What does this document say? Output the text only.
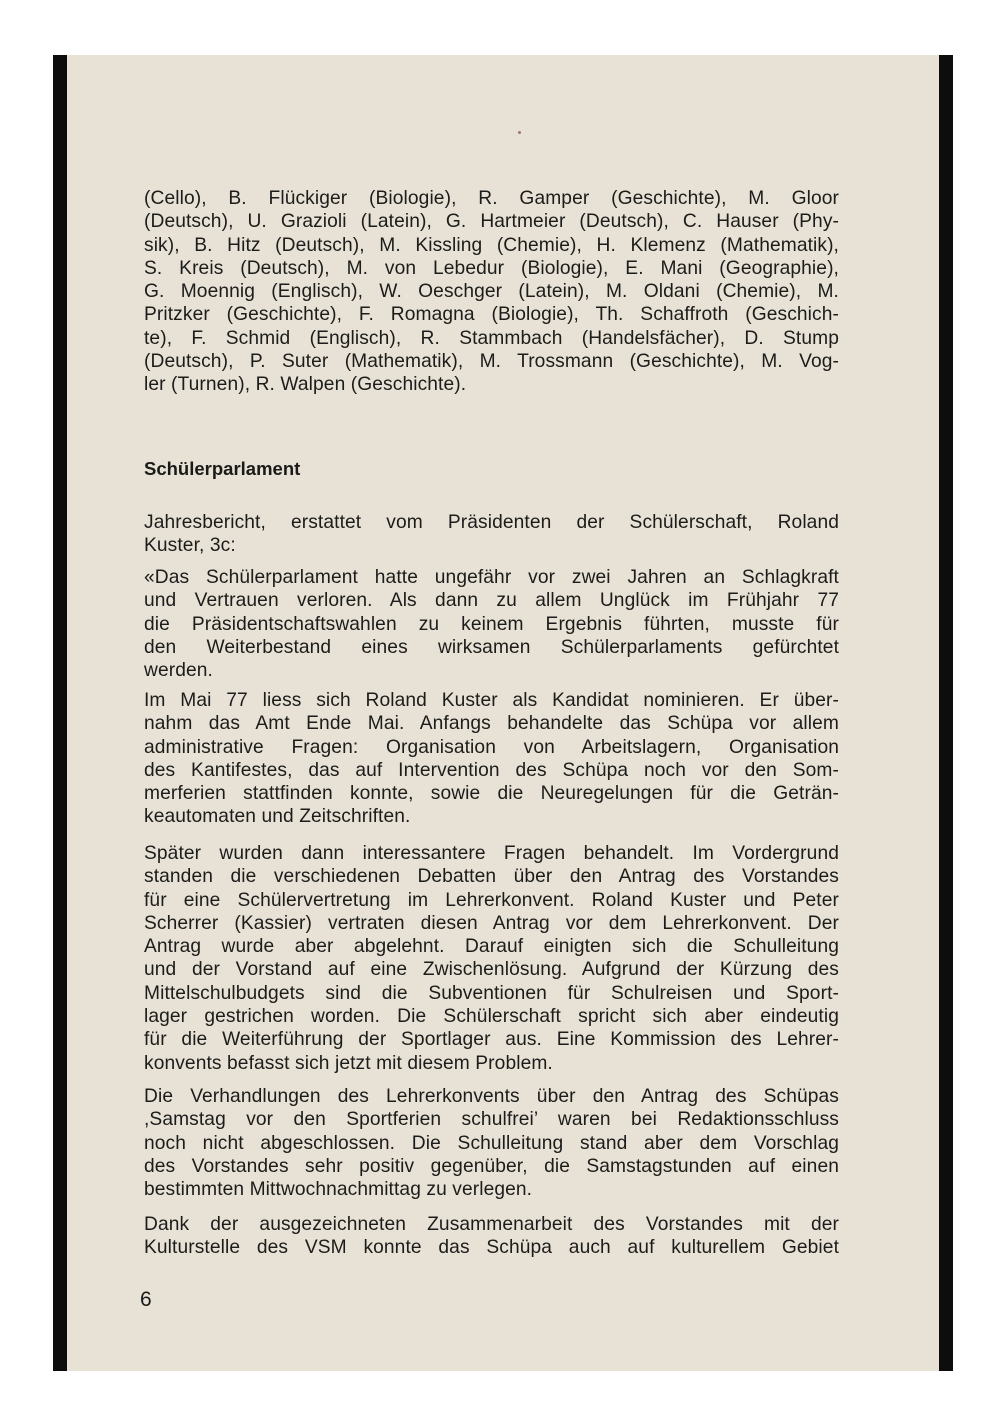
(Cello), B. Flückiger (Biologie), R. Gamper (Geschichte), M. Gloor
(Deutsch), U. Grazioli (Latein), G. Hartmeier (Deutsch), C. Hauser (Phy-
sik), B. Hitz (Deutsch), M. Kissling (Chemie), H. Klemenz (Mathematik),
S. Kreis (Deutsch), M. von Lebedur (Biologie), E. Mani (Geographie),
G. Moennig (Englisch), W. Oeschger (Latein), M. Oldani (Chemie), M.
Pritzker (Geschichte), F. Romagna (Biologie), Th. Schaffroth (Geschich-
te), F. Schmid (Englisch), R. Stammbach (Handelsfächer), D. Stump
(Deutsch), P. Suter (Mathematik), M. Trossmann (Geschichte), M. Vog-
ler (Turnen), R. Walpen (Geschichte).
Schülerparlament
Jahresbericht, erstattet vom Präsidenten der Schülerschaft, Roland
Kuster, 3c:
«Das Schülerparlament hatte ungefähr vor zwei Jahren an Schlagkraft
und Vertrauen verloren. Als dann zu allem Unglück im Frühjahr 77
die Präsidentschaftswahlen zu keinem Ergebnis führten, musste für
den Weiterbestand eines wirksamen Schülerparlaments gefürchtet
werden.
Im Mai 77 liess sich Roland Kuster als Kandidat nominieren. Er über-
nahm das Amt Ende Mai. Anfangs behandelte das Schüpa vor allem
administrative Fragen: Organisation von Arbeitslagern, Organisation
des Kantifestes, das auf Intervention des Schüpa noch vor den Som-
merferien stattfinden konnte, sowie die Neuregelungen für die Geträn-
keautomaten und Zeitschriften.
Später wurden dann interessantere Fragen behandelt. Im Vordergrund
standen die verschiedenen Debatten über den Antrag des Vorstandes
für eine Schülervertretung im Lehrerkonvent. Roland Kuster und Peter
Scherrer (Kassier) vertraten diesen Antrag vor dem Lehrerkonvent. Der
Antrag wurde aber abgelehnt. Darauf einigten sich die Schulleitung
und der Vorstand auf eine Zwischenlösung. Aufgrund der Kürzung des
Mittelschulbudgets sind die Subventionen für Schulreisen und Sport-
lager gestrichen worden. Die Schülerschaft spricht sich aber eindeutig
für die Weiterführung der Sportlager aus. Eine Kommission des Lehrer-
konvents befasst sich jetzt mit diesem Problem.
Die Verhandlungen des Lehrerkonvents über den Antrag des Schüpas
,Samstag vor den Sportferien schulfrei’ waren bei Redaktionsschluss
noch nicht abgeschlossen. Die Schulleitung stand aber dem Vorschlag
des Vorstandes sehr positiv gegenüber, die Samstagstunden auf einen
bestimmten Mittwochnachmittag zu verlegen.
Dank der ausgezeichneten Zusammenarbeit des Vorstandes mit der
Kulturstelle des VSM konnte das Schüpa auch auf kulturellem Gebiet
6
